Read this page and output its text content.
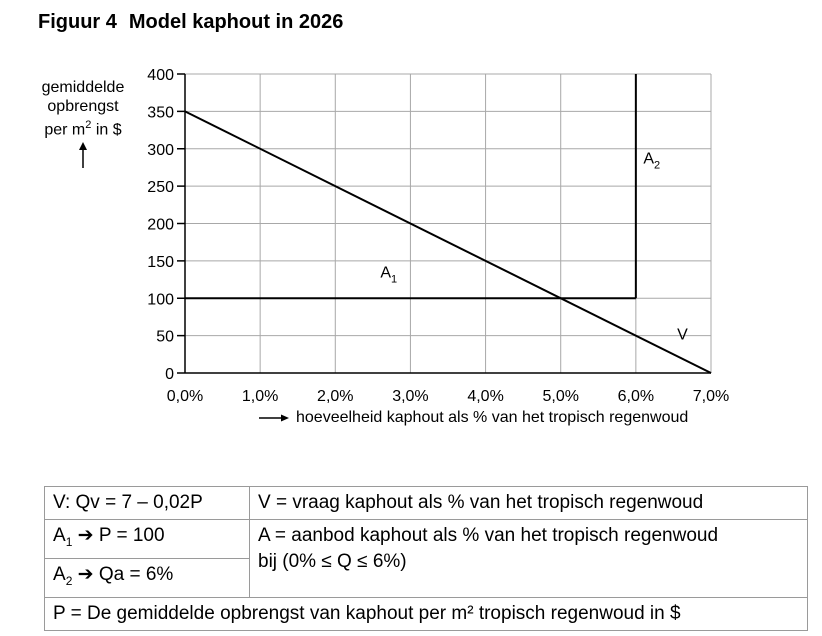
Figuur 4 Model kaphout in 2026
gemiddelde
opbrengst
per $m^2$ in $
0
50
100
150
200
250
300
350
400
0,0% 1,0% 2,0% 3,0% 4,0% 5,0% 6,0% 7,0%
V
$A_1$
$A_2$
hoeveelheid kaphout als % van het tropisch regenwoud
V: Qv = 7 – 0,02P	V = vraag kaphout als % van het tropisch regenwoud
$A_1$ ➔ P = 100	A = aanbod kaphout als % van het tropisch regenwoud
bij (0% ≤ Q ≤ 6%)
$A_2$ ➔ Qa = 6%	
P = De gemiddelde opbrengst van kaphout per m² tropisch regenwoud in $	
